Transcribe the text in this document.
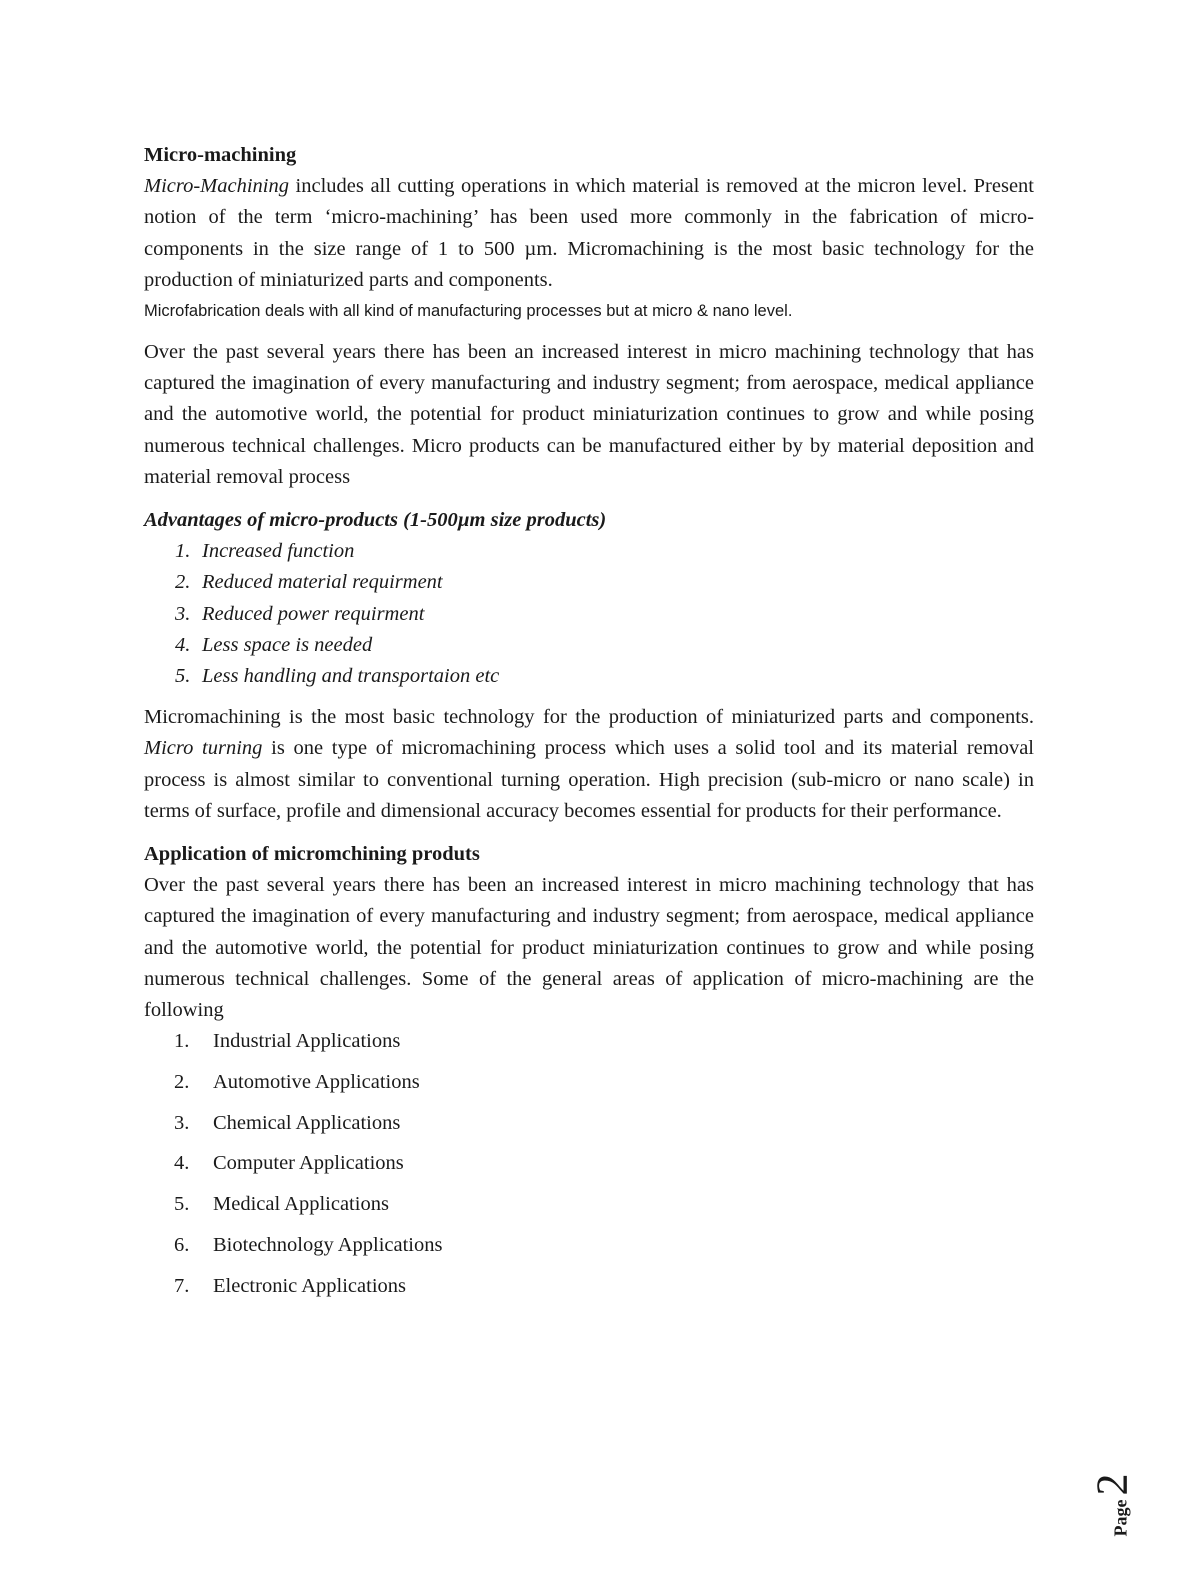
Micro-machining

Micro-Machining includes all cutting operations in which material is removed at the micron level. Present notion of the term ‘micro-machining’ has been used more commonly in the fabrication of micro-components in the size range of 1 to 500 µm. Micromachining is the most basic technology for the production of miniaturized parts and components.

Microfabrication deals with all kind of manufacturing processes but at micro & nano level.

Over the past several years there has been an increased interest in micro machining technology that has captured the imagination of every manufacturing and industry segment; from aerospace, medical appliance and the automotive world, the potential for product miniaturization continues to grow and while posing numerous technical challenges. Micro products can be manufactured either by by material deposition and material removal process

Advantages of micro-products (1-500µm size products)

1. Increased function
2. Reduced material requirment
3. Reduced power requirment
4. Less space is needed
5. Less handling and transportaion etc

Micromachining is the most basic technology for the production of miniaturized parts and components. Micro turning is one type of micromachining process which uses a solid tool and its material removal process is almost similar to conventional turning operation. High precision (sub-micro or nano scale) in terms of surface, profile and dimensional accuracy becomes essential for products for their performance.

Application of micromchining produts

Over the past several years there has been an increased interest in micro machining technology that has captured the imagination of every manufacturing and industry segment; from aerospace, medical appliance and the automotive world, the potential for product miniaturization continues to grow and while posing numerous technical challenges. Some of the general areas of application of micro-machining are the following

1.	Industrial Applications
2.	Automotive Applications
3.	Chemical Applications
4.	Computer Applications
5.	Medical Applications
6.	Biotechnology Applications
7.	Electronic Applications
Page
2
